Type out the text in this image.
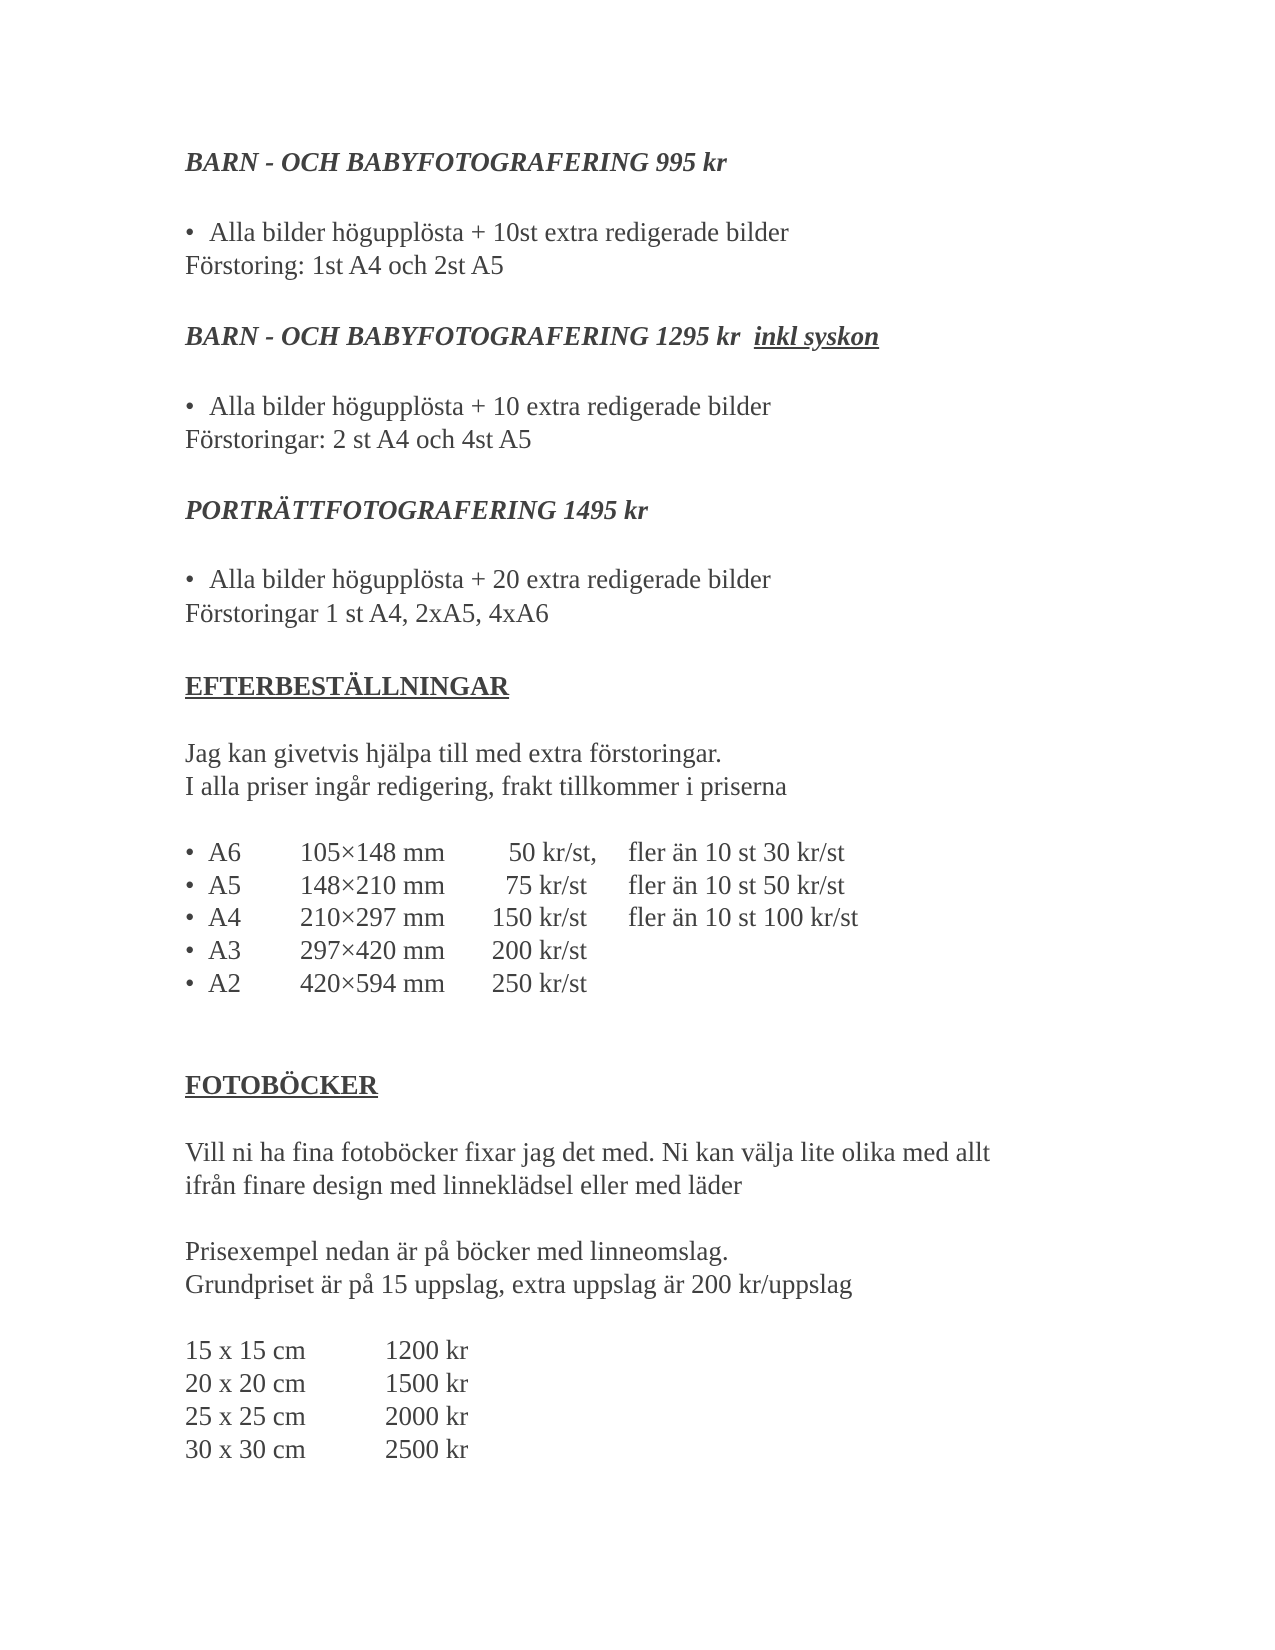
BARN - OCH BABYFOTOGRAFERING 995 kr
• Alla bilder högupplösta + 10st extra redigerade bilder
Förstoring: 1st A4 och 2st A5
BARN - OCH BABYFOTOGRAFERING 1295 kr inkl syskon
• Alla bilder högupplösta + 10 extra redigerade bilder
Förstoringar: 2 st A4 och 4st A5
PORTRÄTTFOTOGRAFERING 1495 kr
• Alla bilder högupplösta + 20 extra redigerade bilder
Förstoringar 1 st A4, 2xA5, 4xA6
EFTERBESTÄLLNINGAR
Jag kan givetvis hjälpa till med extra förstoringar.
I alla priser ingår redigering, frakt tillkommer i priserna
• A6 105×148 mm	50 kr/st, fler än 10 st 30 kr/st
• A5 148×210 mm	75 kr/st fler än 10 st 50 kr/st
• A4 210×297 mm	150 kr/st fler än 10 st 100 kr/st
• A3 297×420 mm	200 kr/st
• A2 420×594 mm	250 kr/st
FOTOBÖCKER
Vill ni ha fina fotoböcker fixar jag det med. Ni kan välja lite olika med allt
ifrån finare design med linneklädsel eller med läder
Prisexempel nedan är på böcker med linneomslag.
Grundpriset är på 15 uppslag, extra uppslag är 200 kr/uppslag
15 x 15 cm	1200 kr
20 x 20 cm	1500 kr
25 x 25 cm	2000 kr
30 x 30 cm	2500 kr
